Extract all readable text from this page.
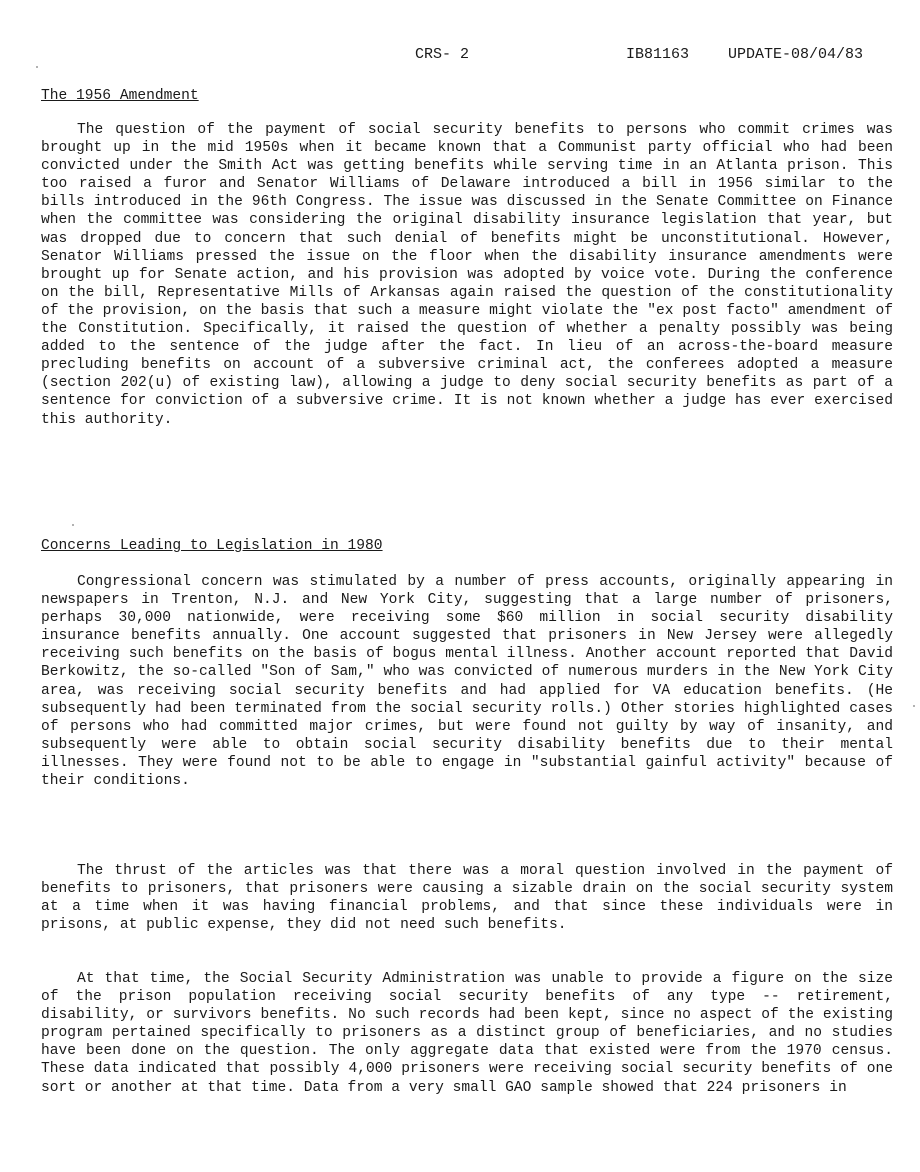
CRS- 2	IB81163	UPDATE-08/04/83
The 1956 Amendment

The question of the payment of social security benefits to persons who commit crimes was brought up in the mid 1950s when it became known that a Communist party official who had been convicted under the Smith Act was getting benefits while serving time in an Atlanta prison. This too raised a furor and Senator Williams of Delaware introduced a bill in 1956 similar to the bills introduced in the 96th Congress. The issue was discussed in the Senate Committee on Finance when the committee was considering the original disability insurance legislation that year, but was dropped due to concern that such denial of benefits might be unconstitutional. However, Senator Williams pressed the issue on the floor when the disability insurance amendments were brought up for Senate action, and his provision was adopted by voice vote. During the conference on the bill, Representative Mills of Arkansas again raised the question of the constitutionality of the provision, on the basis that such a measure might violate the "ex post facto" amendment of the Constitution. Specifically, it raised the question of whether a penalty possibly was being added to the sentence of the judge after the fact. In lieu of an across-the-board measure precluding benefits on account of a subversive criminal act, the conferees adopted a measure (section 202(u) of existing law), allowing a judge to deny social security benefits as part of a sentence for conviction of a subversive crime. It is not known whether a judge has ever exercised this authority.

Concerns Leading to Legislation in 1980

Congressional concern was stimulated by a number of press accounts, originally appearing in newspapers in Trenton, N.J. and New York City, suggesting that a large number of prisoners, perhaps 30,000 nationwide, were receiving some $60 million in social security disability insurance benefits annually. One account suggested that prisoners in New Jersey were allegedly receiving such benefits on the basis of bogus mental illness. Another account reported that David Berkowitz, the so-called "Son of Sam," who was convicted of numerous murders in the New York City area, was receiving social security benefits and had applied for VA education benefits. (He subsequently had been terminated from the social security rolls.) Other stories highlighted cases of persons who had committed major crimes, but were found not guilty by way of insanity, and subsequently were able to obtain social security disability benefits due to their mental illnesses. They were found not to be able to engage in "substantial gainful activity" because of their conditions.

The thrust of the articles was that there was a moral question involved in the payment of benefits to prisoners, that prisoners were causing a sizable drain on the social security system at a time when it was having financial problems, and that since these individuals were in prisons, at public expense, they did not need such benefits.

At that time, the Social Security Administration was unable to provide a figure on the size of the prison population receiving social security benefits of any type -- retirement, disability, or survivors benefits. No such records had been kept, since no aspect of the existing program pertained specifically to prisoners as a distinct group of beneficiaries, and no studies have been done on the question. The only aggregate data that existed were from the 1970 census. These data indicated that possibly 4,000 prisoners were receiving social security benefits of one sort or another at that time. Data from a very small GAO sample showed that 224 prisoners in
